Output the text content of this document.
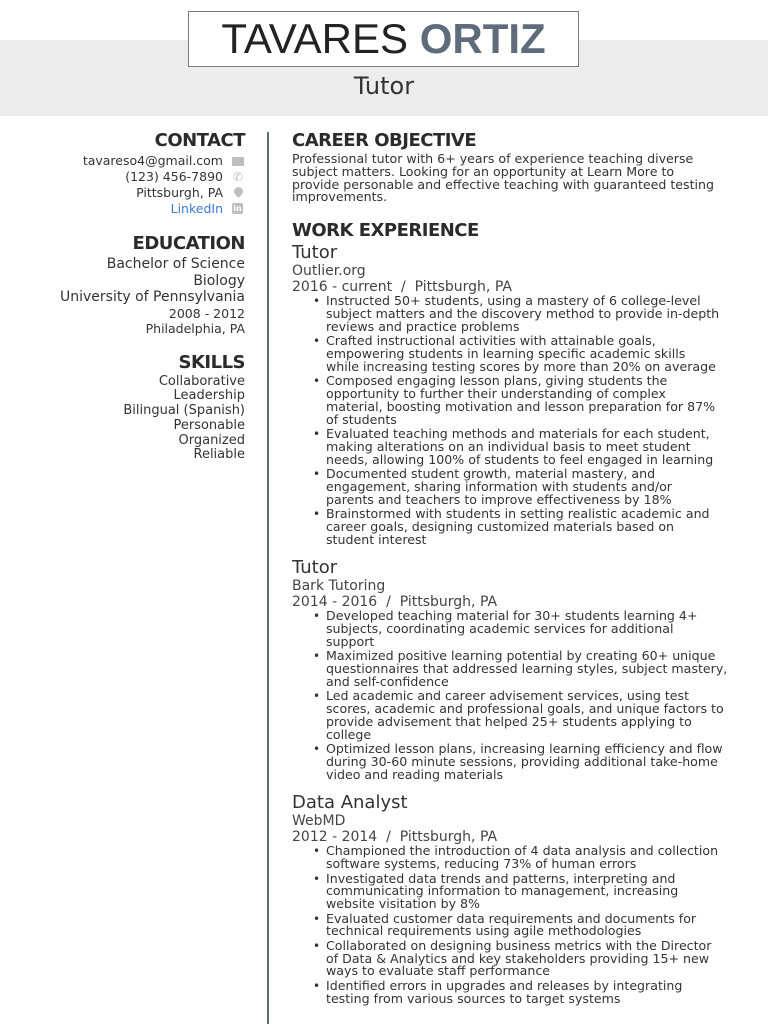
TAVARES ORTIZ
Tutor
CONTACT
tavareso4@gmail.com
(123) 456-7890 ✆
Pittsburgh, PA
LinkedIn in
EDUCATION
Bachelor of Science
Biology
University of Pennsylvania
2008 - 2012
Philadelphia, PA
SKILLS
Collaborative
Leadership
Bilingual (Spanish)
Personable
Organized
Reliable
CAREER OBJECTIVE
Professional tutor with 6+ years of experience teaching diverse
subject matters. Looking for an opportunity at Learn More to
provide personable and effective teaching with guaranteed testing
improvements.
WORK EXPERIENCE
Tutor
Outlier.org
2016 - current  /  Pittsburgh, PA
• Instructed 50+ students, using a mastery of 6 college-level
subject matters and the discovery method to provide in-depth
reviews and practice problems
• Crafted instructional activities with attainable goals,
empowering students in learning specific academic skills
while increasing testing scores by more than 20% on average
• Composed engaging lesson plans, giving students the
opportunity to further their understanding of complex
material, boosting motivation and lesson preparation for 87%
of students
• Evaluated teaching methods and materials for each student,
making alterations on an individual basis to meet student
needs, allowing 100% of students to feel engaged in learning
• Documented student growth, material mastery, and
engagement, sharing information with students and/or
parents and teachers to improve effectiveness by 18%
• Brainstormed with students in setting realistic academic and
career goals, designing customized materials based on
student interest
Tutor
Bark Tutoring
2014 - 2016  /  Pittsburgh, PA
• Developed teaching material for 30+ students learning 4+
subjects, coordinating academic services for additional
support
• Maximized positive learning potential by creating 60+ unique
questionnaires that addressed learning styles, subject mastery,
and self-confidence
• Led academic and career advisement services, using test
scores, academic and professional goals, and unique factors to
provide advisement that helped 25+ students applying to
college
• Optimized lesson plans, increasing learning efficiency and flow
during 30-60 minute sessions, providing additional take-home
video and reading materials
Data Analyst
WebMD
2012 - 2014  /  Pittsburgh, PA
• Championed the introduction of 4 data analysis and collection
software systems, reducing 73% of human errors
• Investigated data trends and patterns, interpreting and
communicating information to management, increasing
website visitation by 8%
• Evaluated customer data requirements and documents for
technical requirements using agile methodologies
• Collaborated on designing business metrics with the Director
of Data & Analytics and key stakeholders providing 15+ new
ways to evaluate staff performance
• Identified errors in upgrades and releases by integrating
testing from various sources to target systems
